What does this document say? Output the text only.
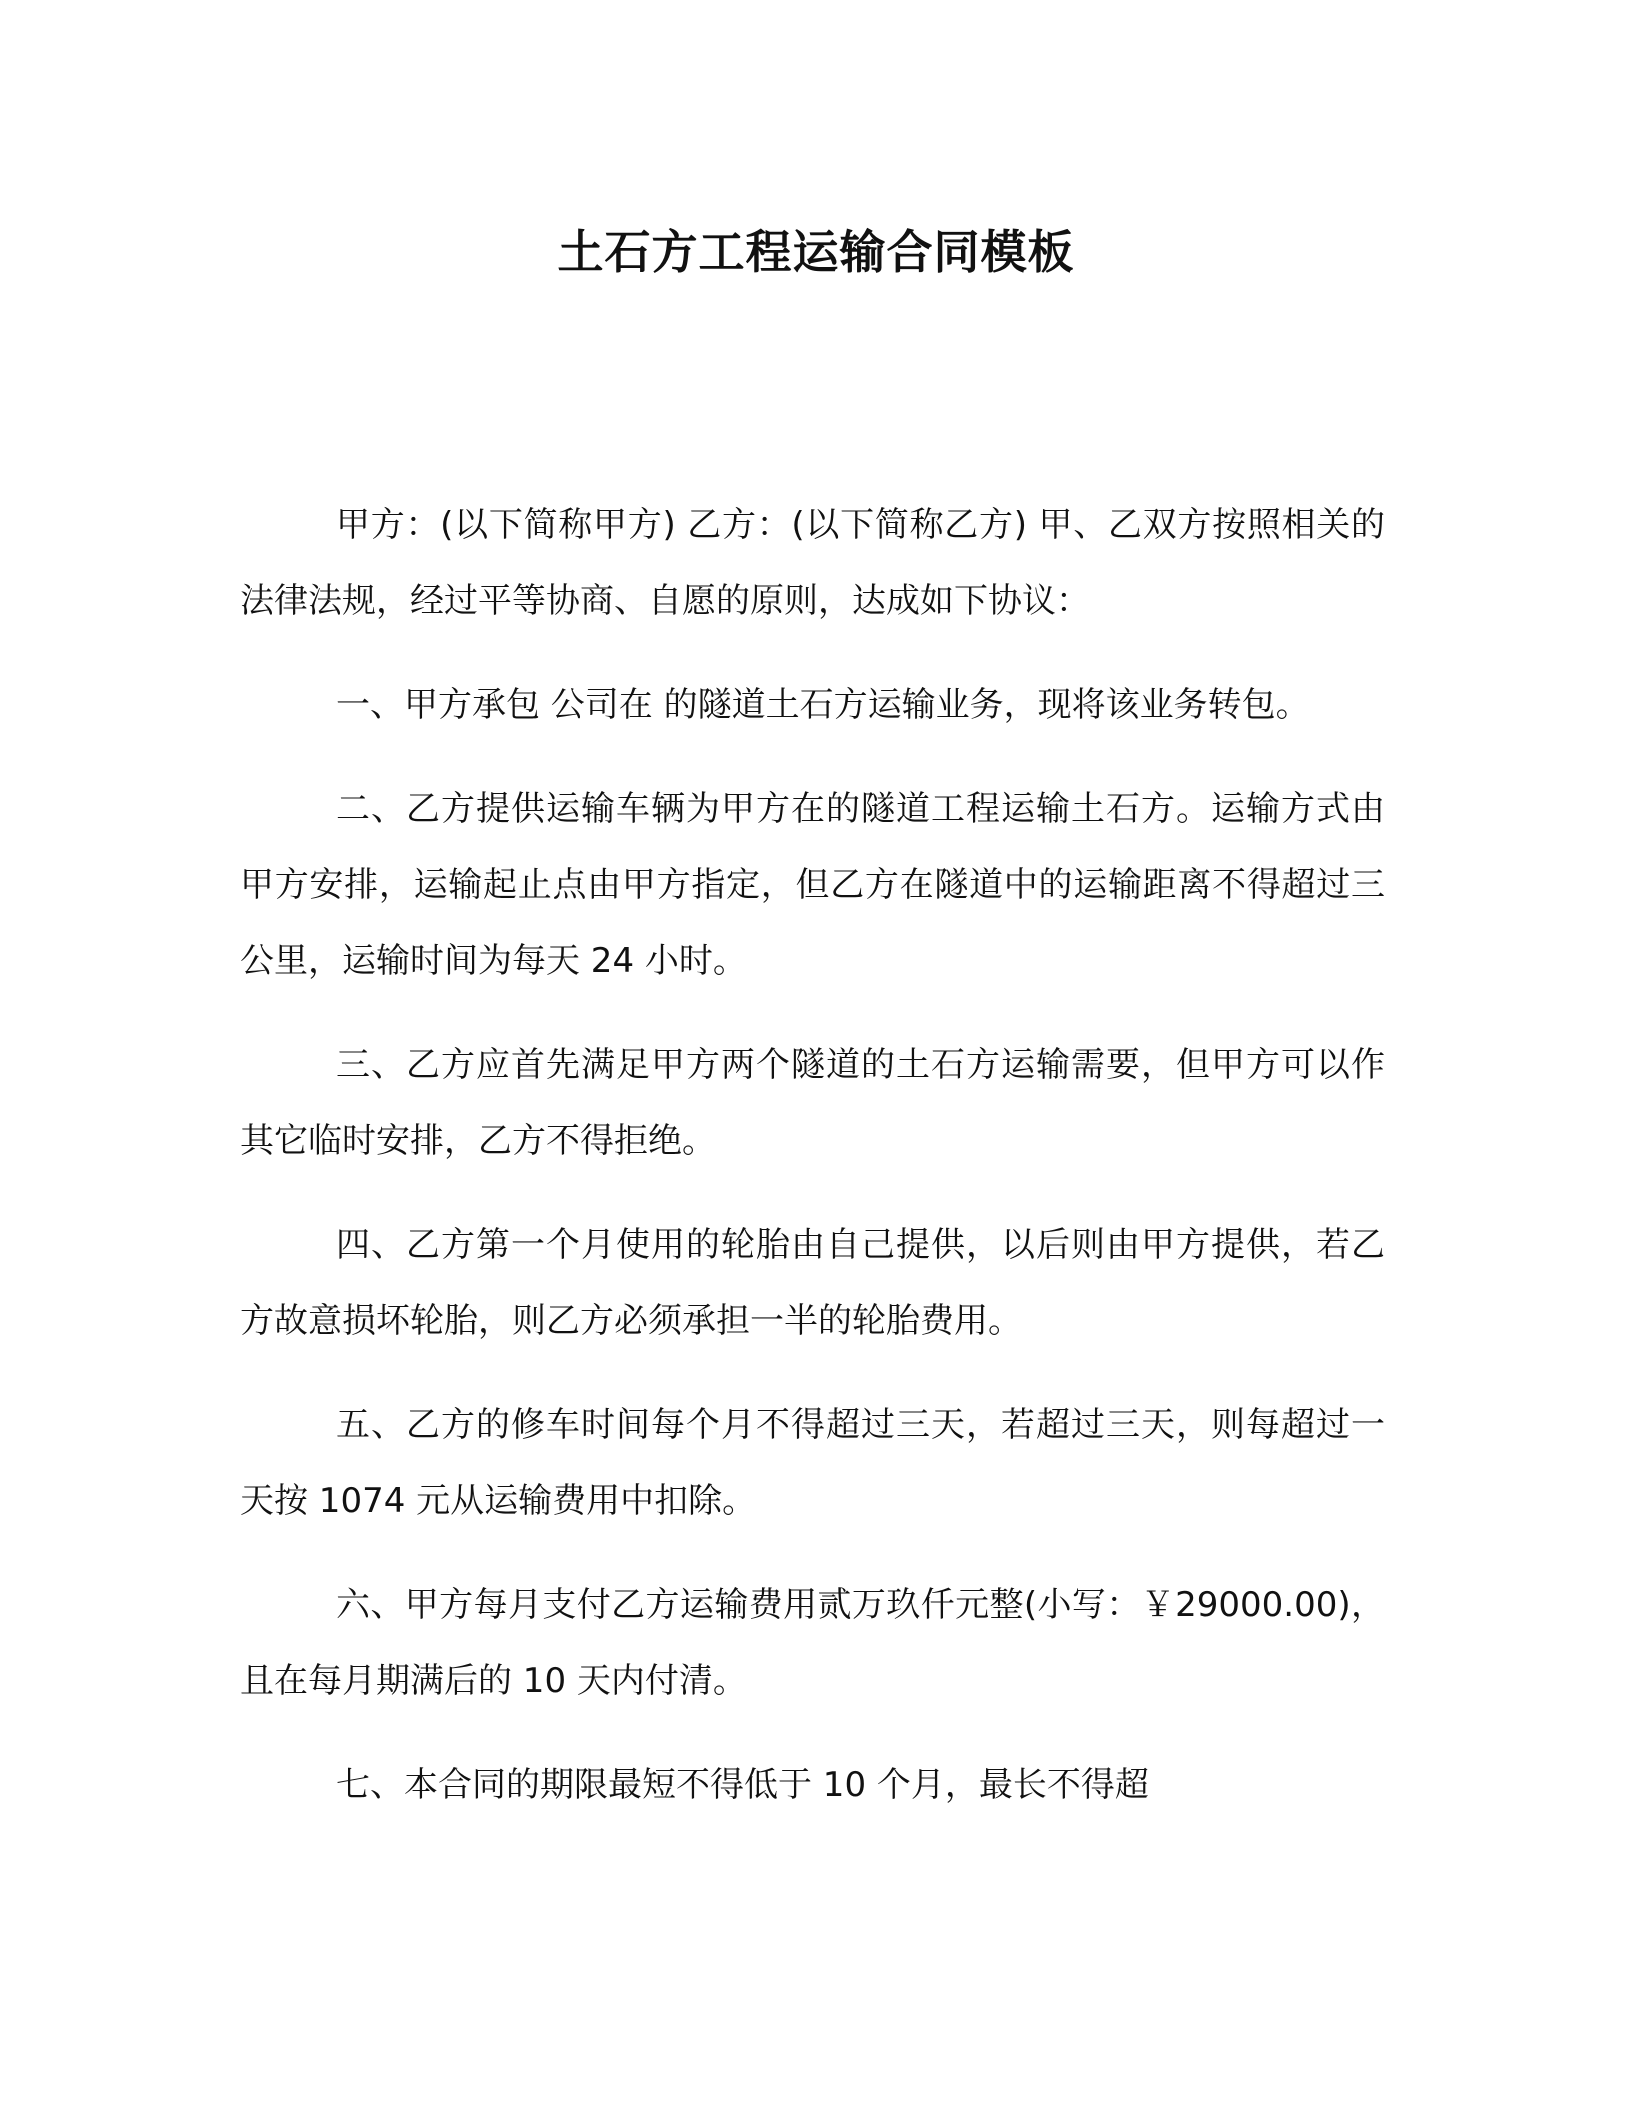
土石方工程运输合同模板

甲方：(以下简称甲方) 乙方：(以下简称乙方) 甲、乙双方按照相关的法律法规，经过平等协商、自愿的原则，达成如下协议：

一、甲方承包 公司在 的隧道土石方运输业务，现将该业务转包。

二、乙方提供运输车辆为甲方在的隧道工程运输土石方。运输方式由甲方安排，运输起止点由甲方指定，但乙方在隧道中的运输距离不得超过三公里，运输时间为每天 24 小时。

三、乙方应首先满足甲方两个隧道的土石方运输需要，但甲方可以作其它临时安排，乙方不得拒绝。

四、乙方第一个月使用的轮胎由自己提供，以后则由甲方提供，若乙方故意损坏轮胎，则乙方必须承担一半的轮胎费用。

五、乙方的修车时间每个月不得超过三天，若超过三天，则每超过一天按 1074 元从运输费用中扣除。

六、甲方每月支付乙方运输费用贰万玖仟元整(小写：￥29000.00)，且在每月期满后的 10 天内付清。

七、本合同的期限最短不得低于 10 个月，最长不得超
